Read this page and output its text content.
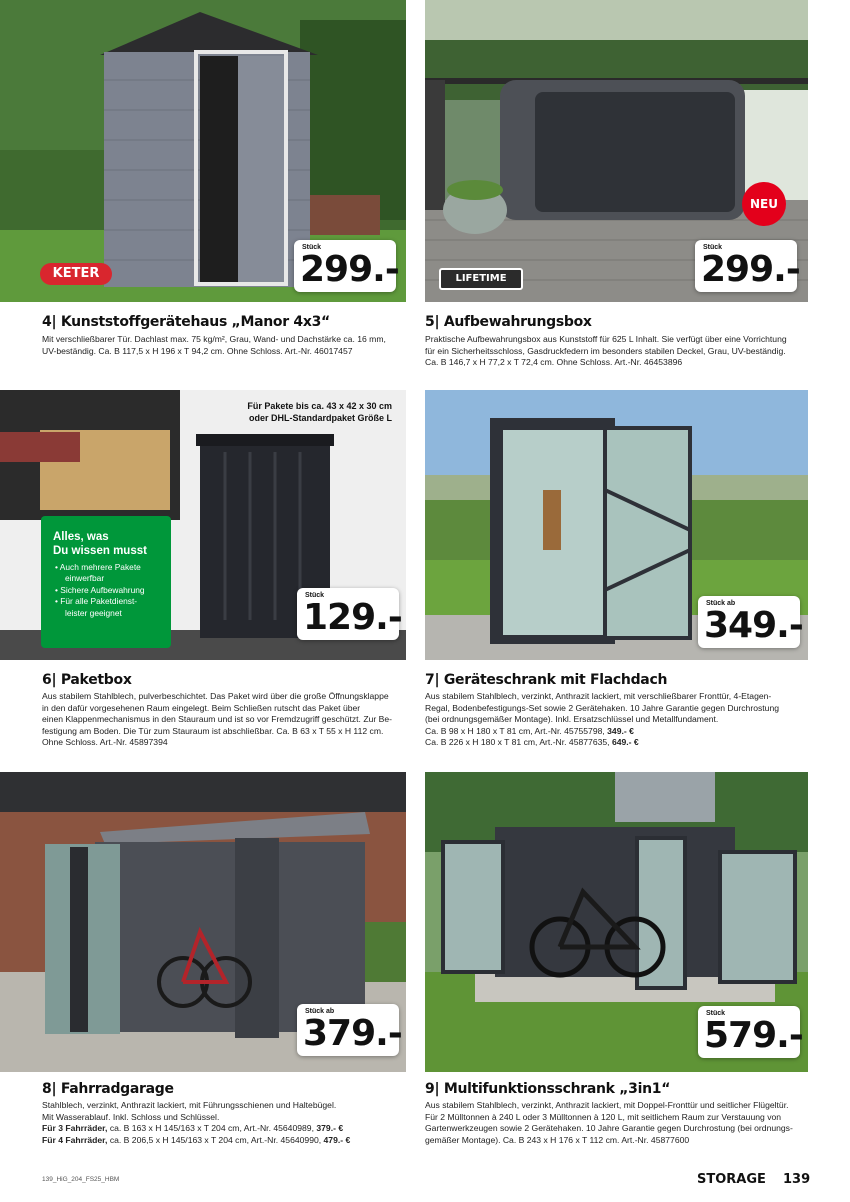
KETER
Stück
299.-
4| Kunststoffgerätehaus „Manor 4x3“
Mit verschließbarer Tür. Dachlast max. 75 kg/m², Grau, Wand- und Dachstärke ca. 16 mm,
UV-beständig. Ca. B 117,5 x H 196 x T 94,2 cm. Ohne Schloss. Art.-Nr. 46017457
NEU
LIFETIME
Stück
299.-
5| Aufbewahrungsbox
Praktische Aufbewahrungsbox aus Kunststoff für 625 L Inhalt. Sie verfügt über eine Vorrichtung
für ein Sicherheitsschloss, Gasdruckfedern im besonders stabilen Deckel, Grau, UV-beständig.
Ca. B 146,7 x H 77,2 x T 72,4 cm. Ohne Schloss. Art.-Nr. 46453896
Für Pakete bis ca. 43 x 42 x 30 cm
oder DHL-Standardpaket Größe L
Alles, was
Du wissen musst
• Auch mehrere Pakete
einwerfbar
• Sichere Aufbewahrung
• Für alle Paketdienst-
leister geeignet
Stück
129.-
6| Paketbox
Aus stabilem Stahlblech, pulverbeschichtet. Das Paket wird über die große Öffnungsklappe
in den dafür vorgesehenen Raum eingelegt. Beim Schließen rutscht das Paket über
einen Klappenmechanismus in den Stauraum und ist so vor Fremdzugriff geschützt. Zur Be-
festigung am Boden. Die Tür zum Stauraum ist abschließbar. Ca. B 63 x T 55 x H 112 cm.
Ohne Schloss. Art.-Nr. 45897394
Stück ab
349.-
7| Geräteschrank mit Flachdach
Aus stabilem Stahlblech, verzinkt, Anthrazit lackiert, mit verschließbarer Fronttür, 4-Etagen-
Regal, Bodenbefestigungs-Set sowie 2 Gerätehaken. 10 Jahre Garantie gegen Durchrostung
(bei ordnungsgemäßer Montage). Inkl. Ersatzschlüssel und Metallfundament.
Ca. B 98 x H 180 x T 81 cm, Art.-Nr. 45755798, 349.- €
Ca. B 226 x H 180 x T 81 cm, Art.-Nr. 45877635, 649.- €
Stück ab
379.-
8| Fahrradgarage
Stahlblech, verzinkt, Anthrazit lackiert, mit Führungsschienen und Haltebügel.
Mit Wasserablauf. Inkl. Schloss und Schlüssel.
Für 3 Fahrräder, ca. B 163 x H 145/163 x T 204 cm, Art.-Nr. 45640989, 379.- €
Für 4 Fahrräder, ca. B 206,5 x H 145/163 x T 204 cm, Art.-Nr. 45640990, 479.- €
Stück
579.-
9| Multifunktionsschrank „3in1“
Aus stabilem Stahlblech, verzinkt, Anthrazit lackiert, mit Doppel-Fronttür und seitlicher Flügeltür.
Für 2 Mülltonnen à 240 L oder 3 Mülltonnen à 120 L, mit seitlichem Raum zur Verstauung von
Gartenwerkzeugen sowie 2 Gerätehaken. 10 Jahre Garantie gegen Durchrostung (bei ordnungs-
gemäßer Montage). Ca. B 243 x H 176 x T 112 cm. Art.-Nr. 45877600
139_HiG_204_FS25_HBM	STORAGE 139
